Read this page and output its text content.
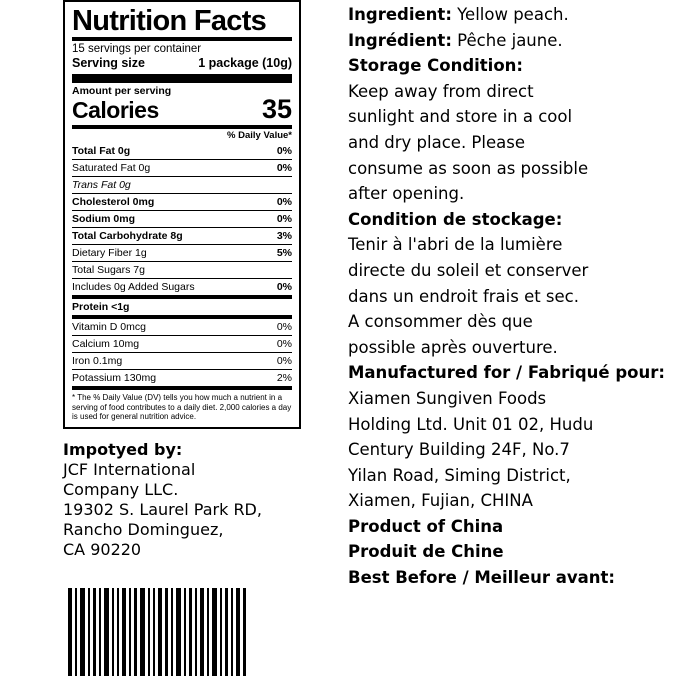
Nutrition Facts
15 servings per container
Serving size	1 package (10g)
Amount per serving
Calories	35
% Daily Value*
Total Fat 0g	0%
Saturated Fat 0g	0%
Trans Fat 0g	
Cholesterol 0mg	0%
Sodium 0mg	0%
Total Carbohydrate 8g	3%
Dietary Fiber 1g	5%
Total Sugars 7g	
Includes 0g Added Sugars	0%
Protein <1g	
Vitamin D 0mcg	0%
Calcium 10mg	0%
Iron 0.1mg	0%
Potassium 130mg	2%
* The % Daily Value (DV) tells you how much a nutrient in a serving of food contributes to a daily diet. 2,000 calories a day is used for general nutrition advice.
Impotyed by:
JCF International
Company LLC.
19302 S. Laurel Park RD,
Rancho Dominguez,
CA 90220

Ingredient: Yellow peach.

Ingrédient: Pêche jaune.

Storage Condition:

Keep away from direct

sunlight and store in a cool

and dry place. Please

consume as soon as possible

after opening.

Condition de stockage:

Tenir à l'abri de la lumière

directe du soleil et conserver

dans un endroit frais et sec.

A consommer dès que

possible après ouverture.

Manufactured for / Fabriqué pour:

Xiamen Sungiven Foods

Holding Ltd. Unit 01 02, Hudu

Century Building 24F, No.7

Yilan Road, Siming District,

Xiamen, Fujian, CHINA

Product of China

Produit de Chine

Best Before / Meilleur avant:
